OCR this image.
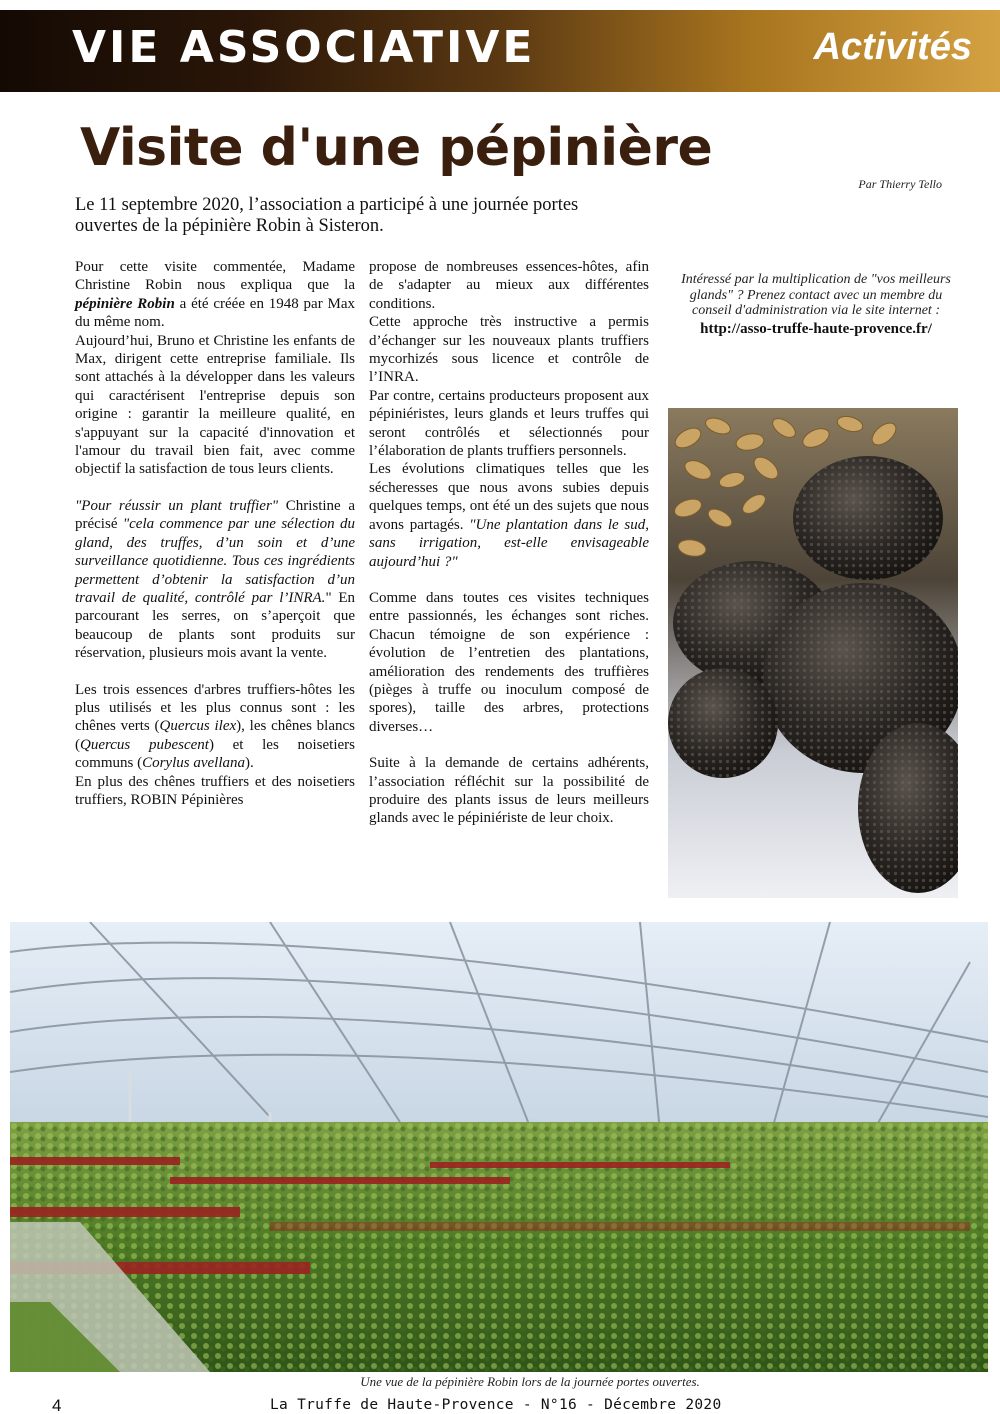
VIE ASSOCIATIVE	Activités
Visite d'une pépinière
Par Thierry Tello
Le 11 septembre 2020, l’association a participé à une journée portes ouvertes de la pépinière Robin à Sisteron.

Pour cette visite commentée, Madame Christine Robin nous expliqua que la pépinière Robin a été créée en 1948 par Max du même nom.

Aujourd’hui, Bruno et Christine les enfants de Max, dirigent cette entreprise familiale. Ils sont attachés à la développer dans les valeurs qui caractérisent l'entreprise depuis son origine : garantir la meilleure qualité, en s'appuyant sur la capacité d'innovation et l'amour du travail bien fait, avec comme objectif la satisfaction de tous leurs clients.

"Pour réussir un plant truffier" Christine a précisé "cela commence par une sélection du gland, des truffes, d’un soin et d’une surveillance quotidienne. Tous ces ingrédients permettent d’obtenir la satisfaction d’un travail de qualité, contrôlé par l’INRA." En parcourant les serres, on s’aperçoit que beaucoup de plants sont produits sur réservation, plusieurs mois avant la vente.

Les trois essences d'arbres truffiers-hôtes les plus utilisés et les plus connus sont : les chênes verts (Quercus ilex), les chênes blancs (Quercus pubescent) et les noisetiers communs (Corylus avellana).

En plus des chênes truffiers et des noisetiers truffiers, ROBIN Pépinières

propose de nombreuses essences-hôtes, afin de s'adapter au mieux aux différentes conditions.

Cette approche très instructive a permis d’échanger sur les nouveaux plants truffiers mycorhizés sous licence et contrôle de l’INRA.

Par contre, certains producteurs proposent aux pépiniéristes, leurs glands et leurs truffes qui seront contrôlés et sélectionnés pour l’élaboration de plants truffiers personnels.

Les évolutions climatiques telles que les sécheresses que nous avons subies depuis quelques temps, ont été un des sujets que nous avons partagés. "Une plantation dans le sud, sans irrigation, est-elle envisageable aujourd’hui ?"

Comme dans toutes ces visites techniques entre passionnés, les échanges sont riches. Chacun témoigne de son expérience : évolution de l’entretien des plantations, amélioration des rendements des truffières (pièges à truffe ou inoculum composé de spores), taille des arbres, protections diverses…

Suite à la demande de certains adhérents, l’association réfléchit sur la possibilité de produire des plants issus de leurs meilleurs glands avec le pépiniériste de leur choix.

Intéressé par la multiplication de "vos meilleurs glands" ? Prenez contact avec un membre du conseil d'administration via le site internet :
http://asso-truffe-haute-provence.fr/
Une vue de la pépinière Robin lors de la journée portes ouvertes.
4	La Truffe de Haute-Provence - N°16 - Décembre 2020
